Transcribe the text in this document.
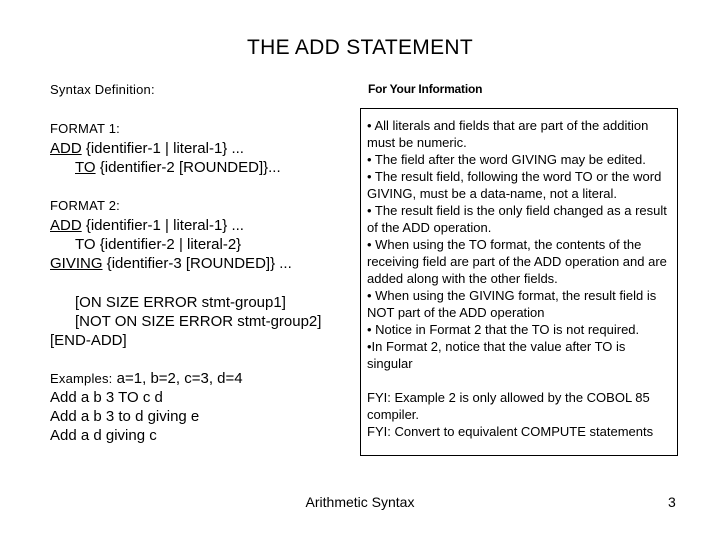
THE ADD STATEMENT
Syntax Definition:
FORMAT 1:
ADD {identifier-1 | literal-1} ...
TO {identifier-2 [ROUNDED]}...
FORMAT 2:
ADD {identifier-1 | literal-1} ...
TO {identifier-2 | literal-2}
GIVING {identifier-3 [ROUNDED]} ...
[ON SIZE ERROR stmt-group1]
[NOT ON SIZE ERROR stmt-group2]
[END-ADD]
Examples: a=1, b=2, c=3, d=4
Add a b 3 TO c d
Add a b 3 to d giving e
Add a d giving c
For Your Information
• All literals and fields that are part of the addition must be numeric.
• The field after the word GIVING may be edited.
• The result field, following the word TO or the word GIVING, must be a data-name, not a literal.
• The result field is the only field changed as a result of the ADD operation.
• When using the TO format, the contents of the receiving field are part of the ADD operation and are added along with the other fields.
• When using the GIVING format, the result field is NOT part of the ADD operation
• Notice in Format 2 that the TO is not required.
•In Format 2, notice that the value after TO is singular
FYI: Example 2 is only allowed by the COBOL 85 compiler.
FYI: Convert to equivalent COMPUTE statements
Arithmetic Syntax	3
